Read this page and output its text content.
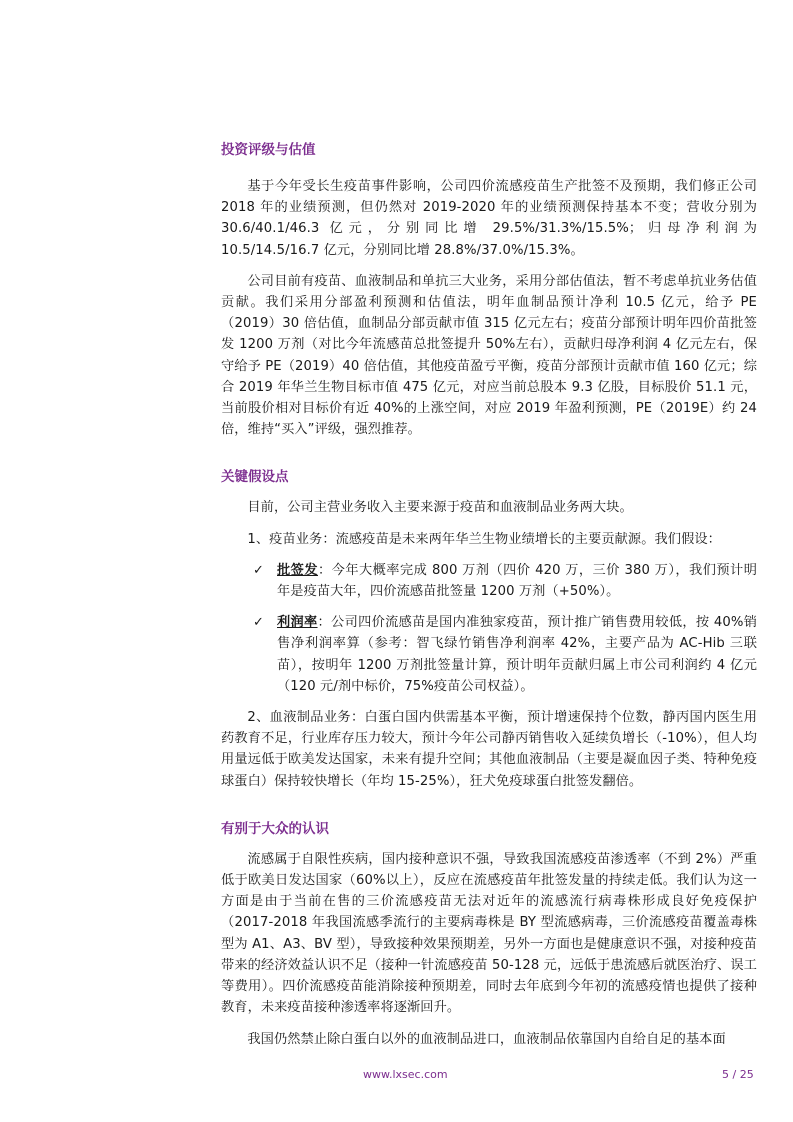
投资评级与估值

基于今年受长生疫苗事件影响，公司四价流感疫苗生产批签不及预期，我们修正公司 2018 年的业绩预测，但仍然对 2019-2020 年的业绩预测保持基本不变；营收分别为 30.6/40.1/46.3 亿元，分别同比增 29.5%/31.3%/15.5%；归母净利润为 10.5/14.5/16.7 亿元，分别同比增 28.8%/37.0%/15.3%。

公司目前有疫苗、血液制品和单抗三大业务，采用分部估值法，暂不考虑单抗业务估值贡献。我们采用分部盈利预测和估值法，明年血制品预计净利 10.5 亿元，给予 PE（2019）30 倍估值，血制品分部贡献市值 315 亿元左右；疫苗分部预计明年四价苗批签发 1200 万剂（对比今年流感苗总批签提升 50%左右），贡献归母净利润 4 亿元左右，保守给予 PE（2019）40 倍估值，其他疫苗盈亏平衡，疫苗分部预计贡献市值 160 亿元；综合 2019 年华兰生物目标市值 475 亿元，对应当前总股本 9.3 亿股，目标股价 51.1 元，当前股价相对目标价有近 40%的上涨空间，对应 2019 年盈利预测，PE（2019E）约 24 倍，维持“买入”评级，强烈推荐。

关键假设点

目前，公司主营业务收入主要来源于疫苗和血液制品业务两大块。

1、疫苗业务：流感疫苗是未来两年华兰生物业绩增长的主要贡献源。我们假设：

✓ 批签发：今年大概率完成 800 万剂（四价 420 万，三价 380 万），我们预计明年是疫苗大年，四价流感苗批签量 1200 万剂（+50%）。

✓ 利润率：公司四价流感苗是国内准独家疫苗，预计推广销售费用较低，按 40%销售净利润率算（参考：智飞绿竹销售净利润率 42%，主要产品为 AC-Hib 三联苗），按明年 1200 万剂批签量计算，预计明年贡献归属上市公司利润约 4 亿元（120 元/剂中标价，75%疫苗公司权益）。

2、血液制品业务：白蛋白国内供需基本平衡，预计增速保持个位数，静丙国内医生用药教育不足，行业库存压力较大，预计今年公司静丙销售收入延续负增长（-10%），但人均用量远低于欧美发达国家，未来有提升空间；其他血液制品（主要是凝血因子类、特种免疫球蛋白）保持较快增长（年均 15-25%），狂犬免疫球蛋白批签发翻倍。

有别于大众的认识

流感属于自限性疾病，国内接种意识不强，导致我国流感疫苗渗透率（不到 2%）严重低于欧美日发达国家（60%以上），反应在流感疫苗年批签发量的持续走低。我们认为这一方面是由于当前在售的三价流感疫苗无法对近年的流感流行病毒株形成良好免疫保护（2017-2018 年我国流感季流行的主要病毒株是 BY 型流感病毒，三价流感疫苗覆盖毒株型为 A1、A3、BV 型），导致接种效果预期差，另外一方面也是健康意识不强，对接种疫苗带来的经济效益认识不足（接种一针流感疫苗 50-128 元，远低于患流感后就医治疗、误工等费用）。四价流感疫苗能消除接种预期差，同时去年底到今年初的流感疫情也提供了接种教育，未来疫苗接种渗透率将逐渐回升。

我国仍然禁止除白蛋白以外的血液制品进口，血液制品依靠国内自给自足的基本面

www.lxsec.com	5 / 25
